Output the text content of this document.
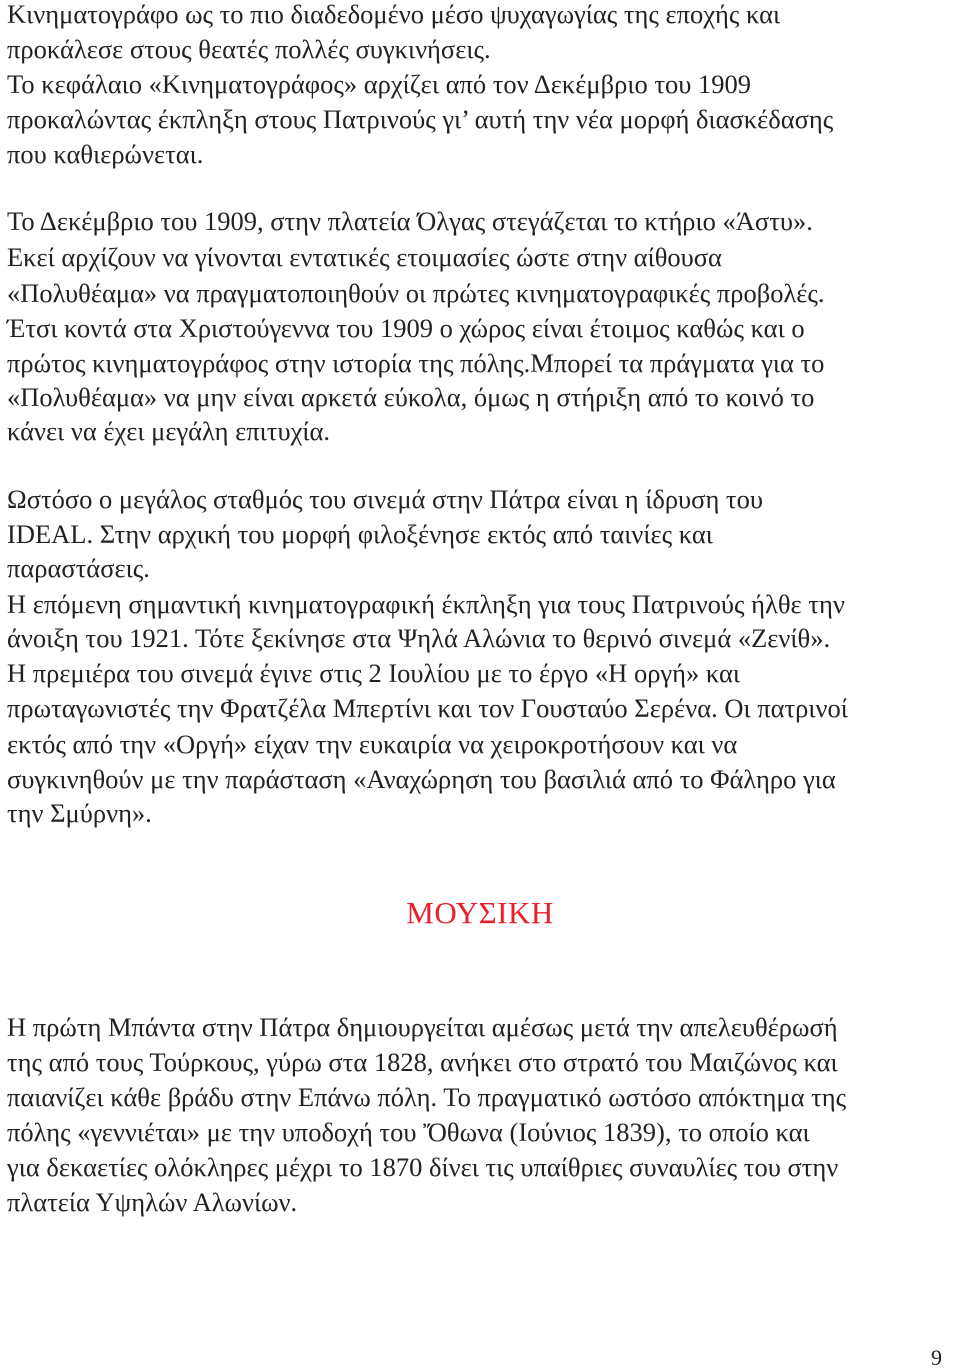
Κινηματογράφο ως το πιο διαδεδομένο μέσο ψυχαγωγίας της εποχής και
προκάλεσε στους θεατές πολλές συγκινήσεις.
Το κεφάλαιο «Κινηματογράφος» αρχίζει από τον Δεκέμβριο του 1909
προκαλώντας έκπληξη στους Πατρινούς γι’ αυτή την νέα μορφή διασκέδασης
που καθιερώνεται.
Το Δεκέμβριο του 1909, στην πλατεία Όλγας στεγάζεται το κτήριο «Άστυ».
Εκεί αρχίζουν να γίνονται εντατικές ετοιμασίες ώστε στην αίθουσα
«Πολυθέαμα» να πραγματοποιηθούν οι πρώτες κινηματογραφικές προβολές.
Έτσι κοντά στα Χριστούγεννα του 1909 ο χώρος είναι έτοιμος καθώς και ο
πρώτος κινηματογράφος στην ιστορία της πόλης.Μπορεί τα πράγματα για το
«Πολυθέαμα» να μην είναι αρκετά εύκολα, όμως η στήριξη από το κοινό το
κάνει να έχει μεγάλη επιτυχία.
Ωστόσο ο μεγάλος σταθμός του σινεμά στην Πάτρα είναι η ίδρυση του
IDEAL. Στην αρχική του μορφή φιλοξένησε εκτός από ταινίες και
παραστάσεις.
Η επόμενη σημαντική κινηματογραφική έκπληξη για τους Πατρινούς ήλθε την
άνοιξη του 1921. Τότε ξεκίνησε στα Ψηλά Αλώνια το θερινό σινεμά «Ζενίθ».
Η πρεμιέρα του σινεμά έγινε στις 2 Ιουλίου με το έργο «Η οργή» και
πρωταγωνιστές την Φρατζέλα Μπερτίνι και τον Γουσταύο Σερένα. Οι πατρινοί
εκτός από την «Οργή» είχαν την ευκαιρία να χειροκροτήσουν και να
συγκινηθούν με την παράσταση «Αναχώρηση του βασιλιά από το Φάληρο για
την Σμύρνη».
ΜΟΥΣΙΚΗ
Η πρώτη Μπάντα στην Πάτρα δημιουργείται αμέσως μετά την απελευθέρωσή
της από τους Τούρκους, γύρω στα 1828, ανήκει στο στρατό του Μαιζώνος και
παιανίζει κάθε βράδυ στην Επάνω πόλη. Το πραγματικό ωστόσο απόκτημα της
πόλης «γεννιέται» με την υποδοχή του Ὄθωνα (Ιούνιος 1839), το οποίο και
για δεκαετίες ολόκληρες μέχρι το 1870 δίνει τις υπαίθριες συναυλίες του στην
πλατεία Υψηλών Αλωνίων.
9
